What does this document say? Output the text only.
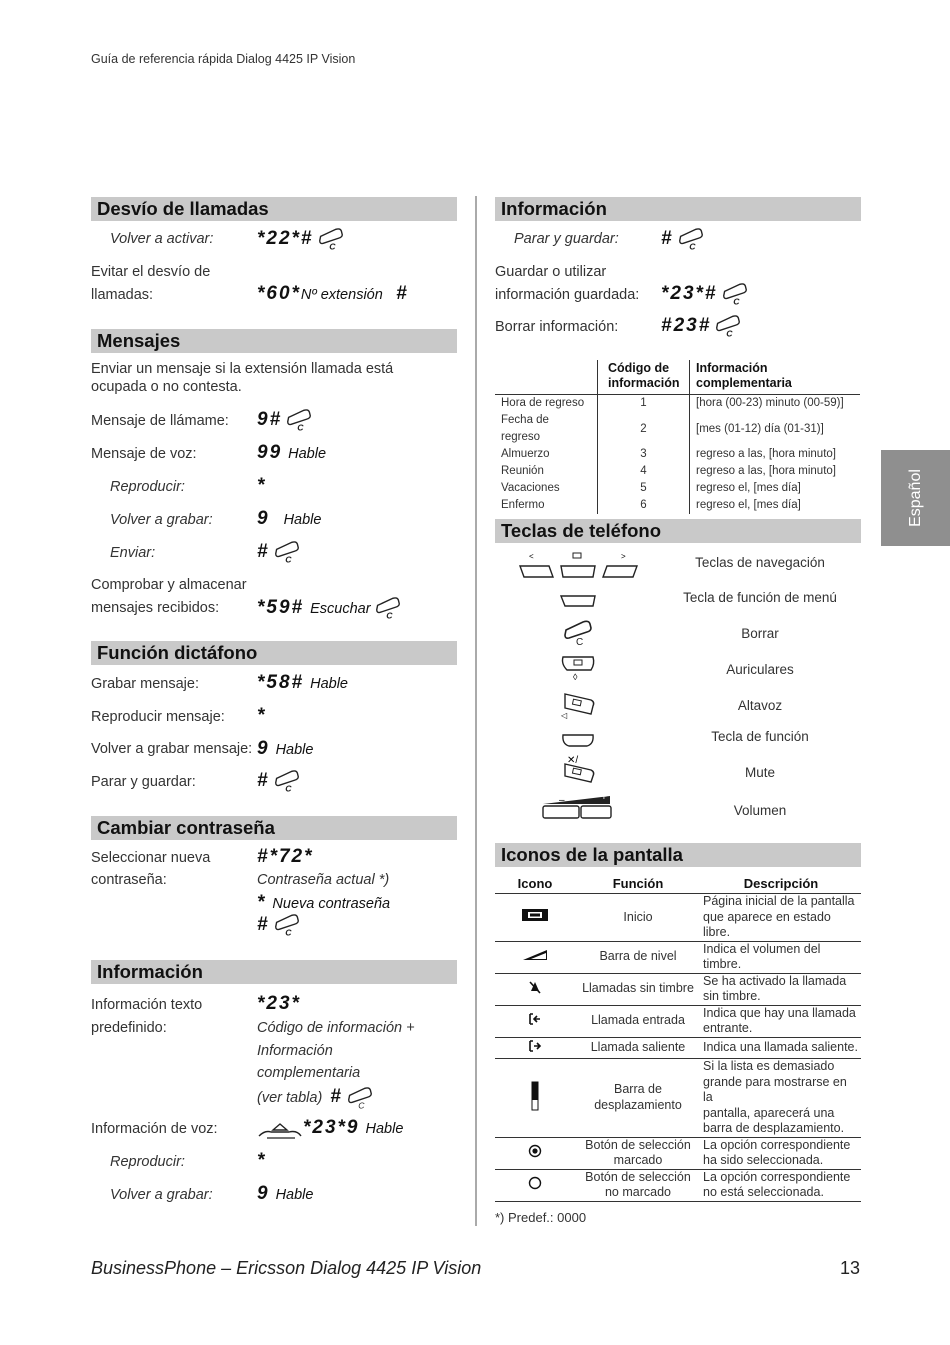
Guía de referencia rápida Dialog 4425 IP Vision
Español
Desvío de llamadas
Volver a activar: *22*#
Evitar el desvío de
llamadas:	*60*Nº extensión #
Mensajes
Enviar un mensaje si la extensión llamada está
ocupada o no contesta.
Mensaje de llámame: 9#
Mensaje de voz:	99 Hable
Reproducir:	*
Volver a grabar: 9 Hable
Enviar:	#
Comprobar y almacenar
mensajes recibidos: *59# Escuchar
Función dictáfono
Grabar mensaje:	*58# Hable
Reproducir mensaje: *
Volver a grabar mensaje: 9 Hable
Parar y guardar:	#
Cambiar contraseña
Seleccionar nueva
contraseña:
#*72*
Contraseña actual *)
* Nueva contraseña
#
Información
Información texto
predefinido:
*23*
Código de información +
Información
complementaria
(ver tabla) #
Información de voz:	*23*9 Hable
Reproducir:	*
Volver a grabar: 9 Hable
Información
Parar y guardar: #
Guardar o utilizar
información guardada: *23*#
Borrar información: #23#
	Código de
información	Información
complementaria
Hora de regreso	1	[hora (00-23) minuto (00-59)]
Fecha de regreso	2	[mes (01-12) día (01-31)]
Almuerzo	3	regreso a las, [hora minuto]
Reunión	4	regreso a las, [hora minuto]
Vacaciones	5	regreso el, [mes día]
Enfermo	6	regreso el, [mes día]
Teclas de teléfono
<	>	Teclas de navegación
Tecla de función de menú
Borrar
◊	Auriculares
◁
Altavoz
Tecla de función
✕/
Mute
–	+
Volumen
Iconos de la pantalla
Icono	Función	Descripción
	Inicio	Página inicial de la pantalla
que aparece en estado libre.
	Barra de nivel	Indica el volumen del timbre.
	Llamadas sin timbre	Se ha activado la llamada
sin timbre.
	Llamada entrada	Indica que hay una llamada
entrante.
	Llamada saliente	Indica una llamada saliente.
	Barra de
desplazamiento	Si la lista es demasiado
grande para mostrarse en la
pantalla, aparecerá una
barra de desplazamiento.
	Botón de selección
marcado	La opción correspondiente
ha sido seleccionada.
	Botón de selección
no marcado	La opción correspondiente
no está seleccionada.
*) Predef.: 0000
BusinessPhone – Ericsson Dialog 4425 IP Vision	13
